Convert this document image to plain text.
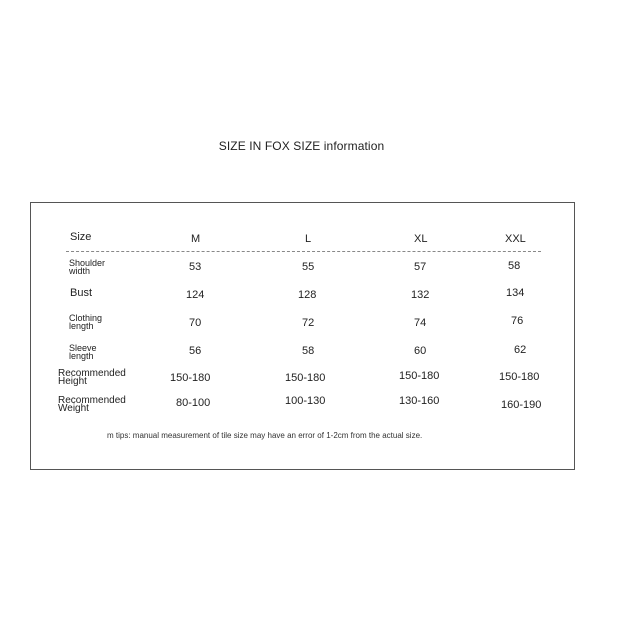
SIZE IN FOX SIZE information
Size	M	L	XL	XXL
Shoulder
width	53	55	57	58
Bust	124	128	132	134
Clothing
length	70	72	74	76
Sleeve
length	56	58	60	62
Recommended
Height	150-180	150-180	150-180	150-180
Recommended
Weight	80-100	100-130	130-160	160-190
m tips: manual measurement of tile size may have an error of 1-2cm from the actual size.
